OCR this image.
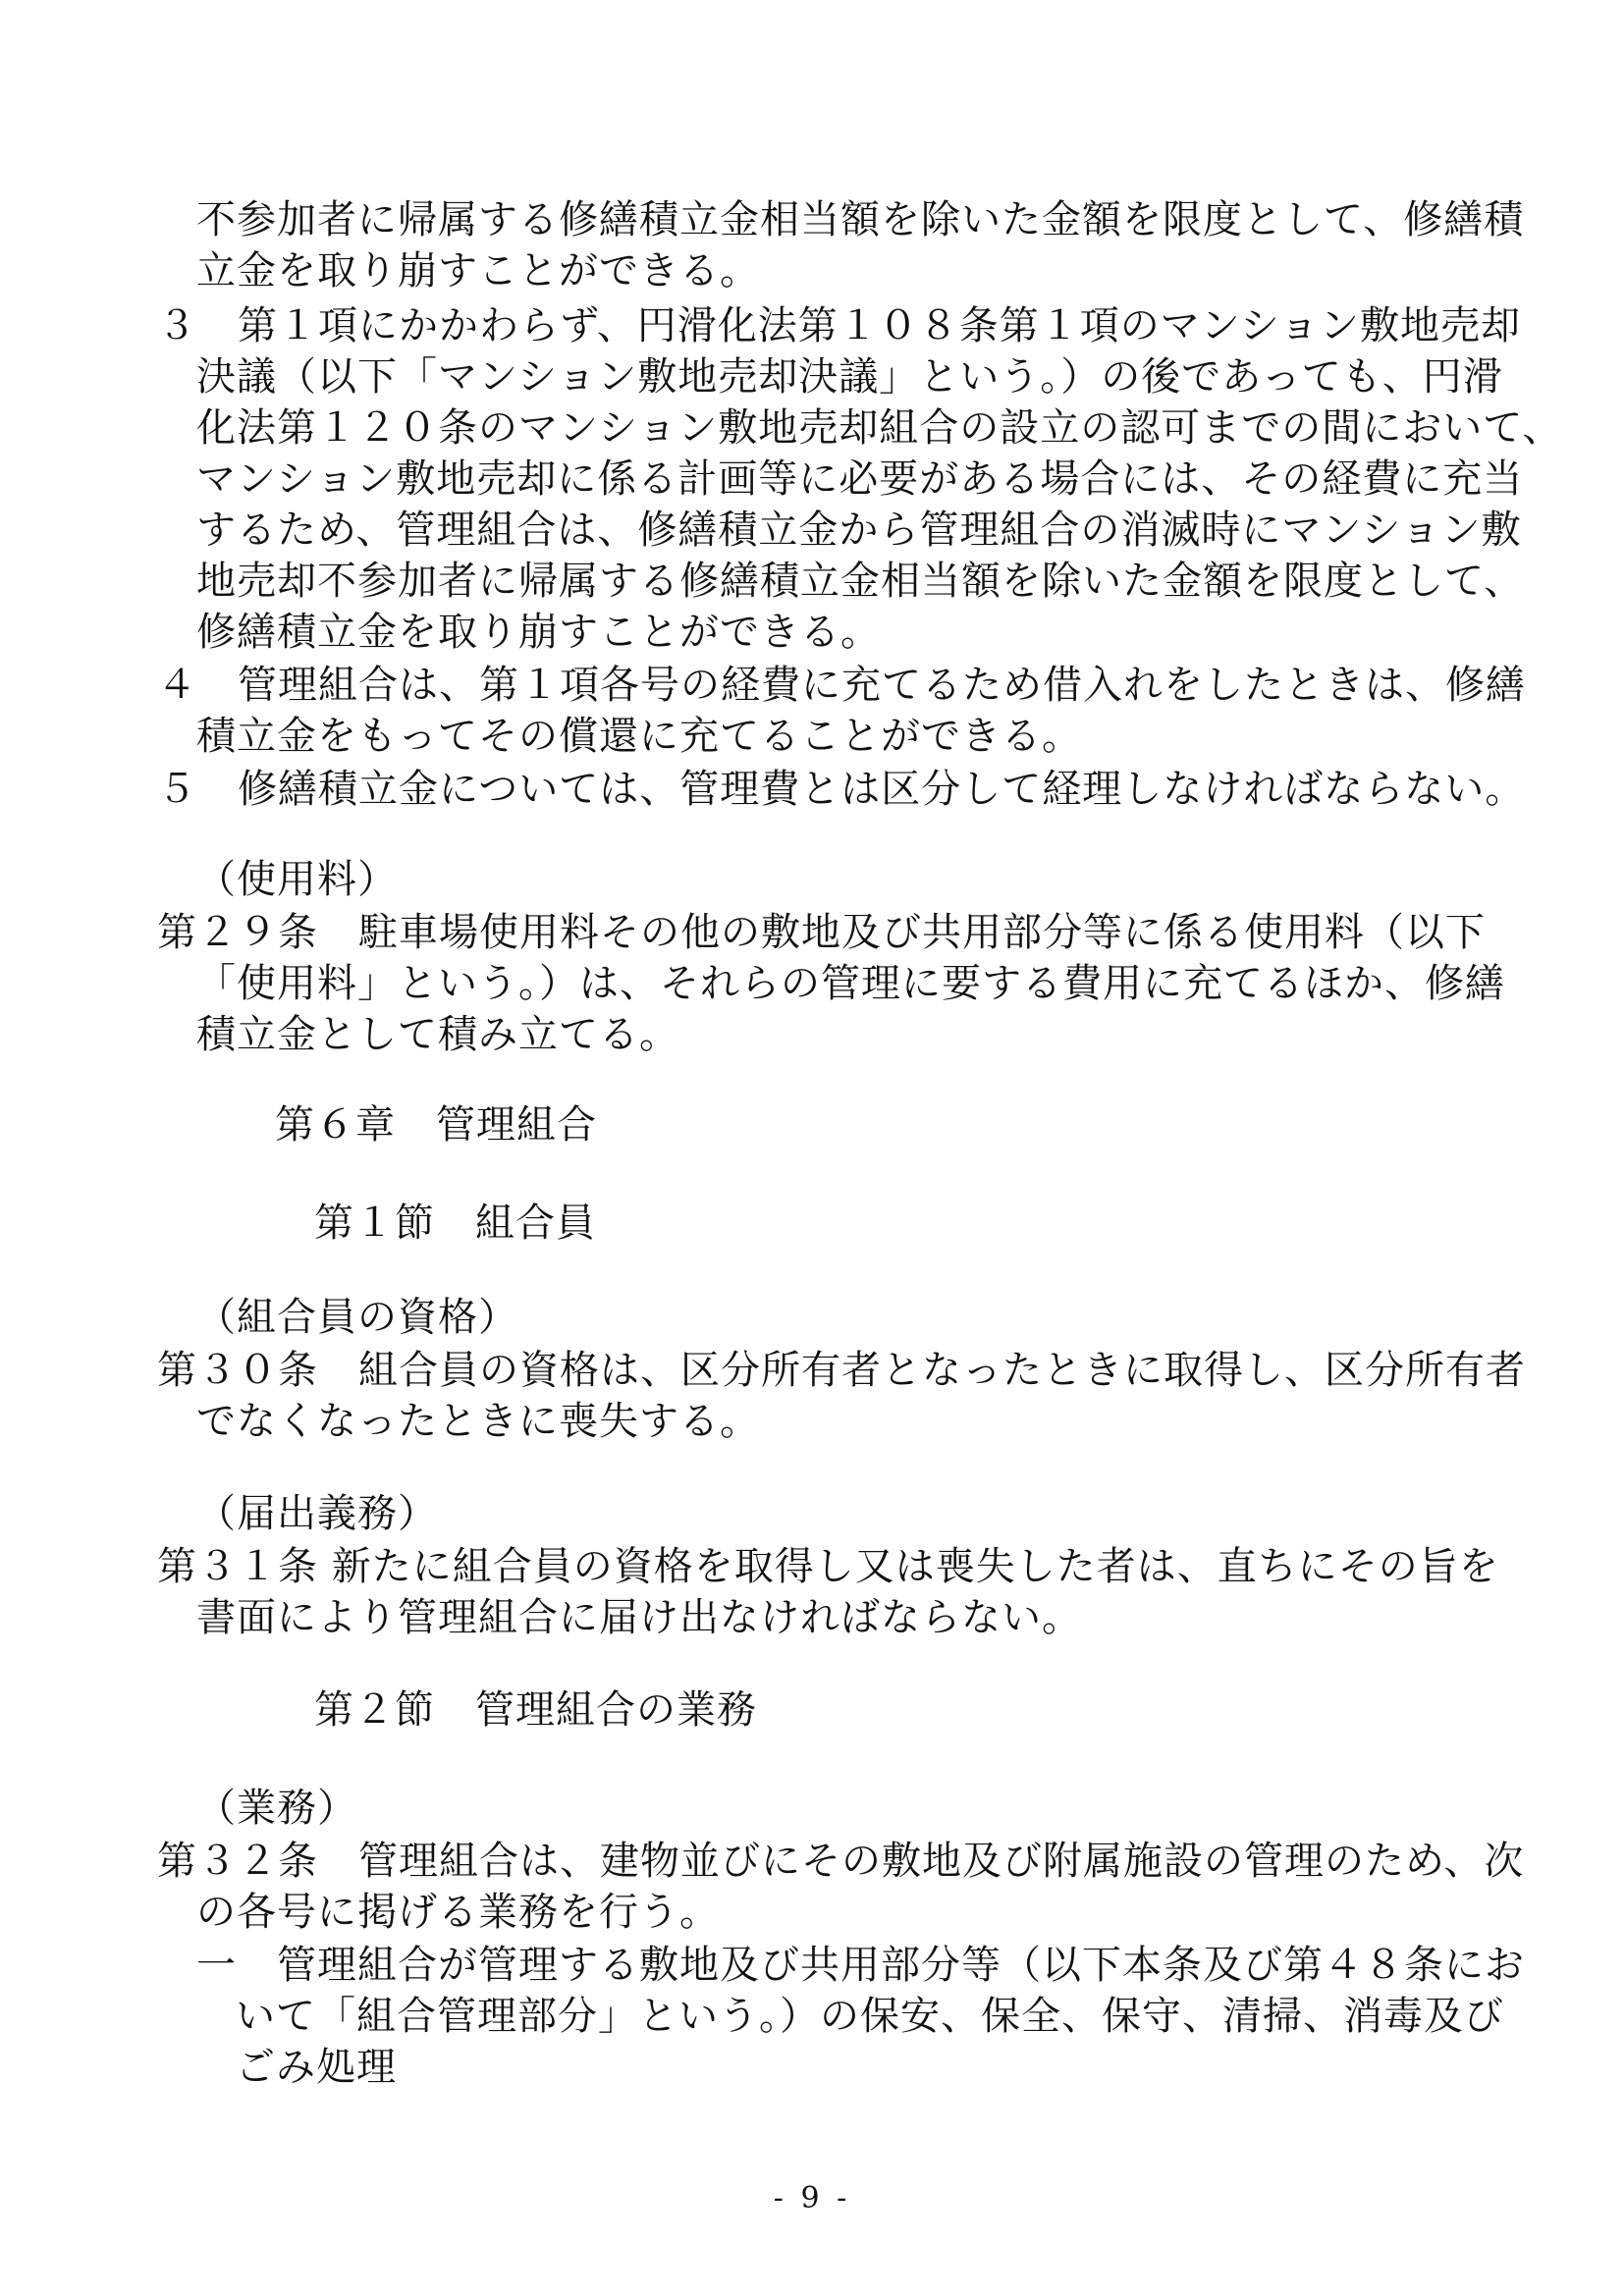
不参加者に帰属する修繕積立金相当額を除いた金額を限度として、修繕積
立金を取り崩すことができる。
３　第１項にかかわらず、円滑化法第１０８条第１項のマンション敷地売却
決議（以下「マンション敷地売却決議」という。）の後であっても、円滑
化法第１２０条のマンション敷地売却組合の設立の認可までの間において、
マンション敷地売却に係る計画等に必要がある場合には、その経費に充当
するため、管理組合は、修繕積立金から管理組合の消滅時にマンション敷
地売却不参加者に帰属する修繕積立金相当額を除いた金額を限度として、
修繕積立金を取り崩すことができる。
４　管理組合は、第１項各号の経費に充てるため借入れをしたときは、修繕
積立金をもってその償還に充てることができる。
５　修繕積立金については、管理費とは区分して経理しなければならない。
（使用料）
第２９条　駐車場使用料その他の敷地及び共用部分等に係る使用料（以下
「使用料」という。）は、それらの管理に要する費用に充てるほか、修繕
積立金として積み立てる。
第６章　管理組合
第１節　組合員
（組合員の資格）
第３０条　組合員の資格は、区分所有者となったときに取得し、区分所有者
でなくなったときに喪失する。
（届出義務）
第３１条 新たに組合員の資格を取得し又は喪失した者は、直ちにその旨を
書面により管理組合に届け出なければならない。
第２節　管理組合の業務
（業務）
第３２条　管理組合は、建物並びにその敷地及び附属施設の管理のため、次
の各号に掲げる業務を行う。
一　管理組合が管理する敷地及び共用部分等（以下本条及び第４８条にお
いて「組合管理部分」という。）の保安、保全、保守、清掃、消毒及び
ごみ処理
- 9 -
